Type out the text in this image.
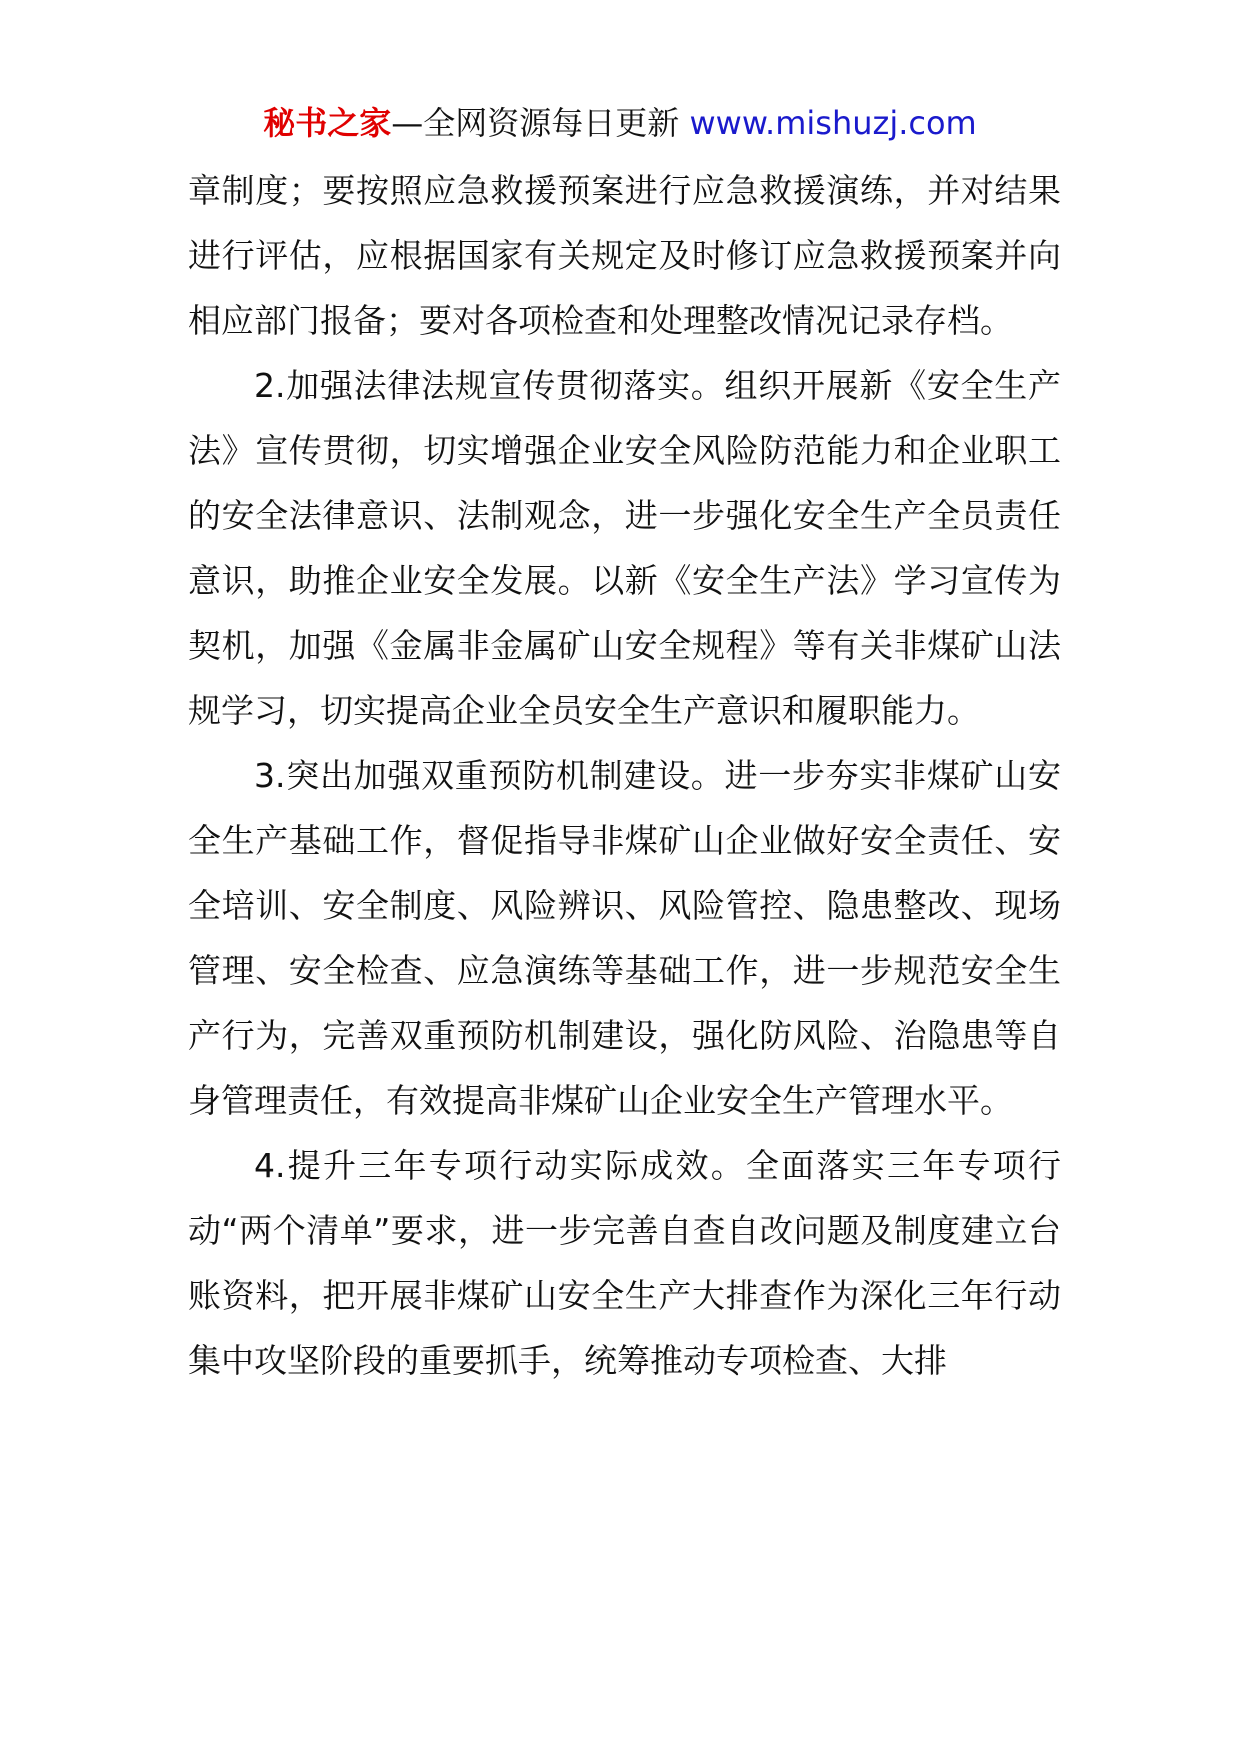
秘书之家—全网资源每日更新 www.mishuzj.com

章制度；要按照应急救援预案进行应急救援演练，并对结果进行评估，应根据国家有关规定及时修订应急救援预案并向相应部门报备；要对各项检查和处理整改情况记录存档。

2.加强法律法规宣传贯彻落实。组织开展新《安全生产法》宣传贯彻，切实增强企业安全风险防范能力和企业职工的安全法律意识、法制观念，进一步强化安全生产全员责任意识，助推企业安全发展。以新《安全生产法》学习宣传为契机，加强《金属非金属矿山安全规程》等有关非煤矿山法规学习，切实提高企业全员安全生产意识和履职能力。

3.突出加强双重预防机制建设。进一步夯实非煤矿山安全生产基础工作，督促指导非煤矿山企业做好安全责任、安全培训、安全制度、风险辨识、风险管控、隐患整改、现场管理、安全检查、应急演练等基础工作，进一步规范安全生产行为，完善双重预防机制建设，强化防风险、治隐患等自身管理责任，有效提高非煤矿山企业安全生产管理水平。

4.提升三年专项行动实际成效。全面落实三年专项行动“两个清单”要求，进一步完善自查自改问题及制度建立台账资料，把开展非煤矿山安全生产大排查作为深化三年行动集中攻坚阶段的重要抓手，统筹推动专项检查、大排
